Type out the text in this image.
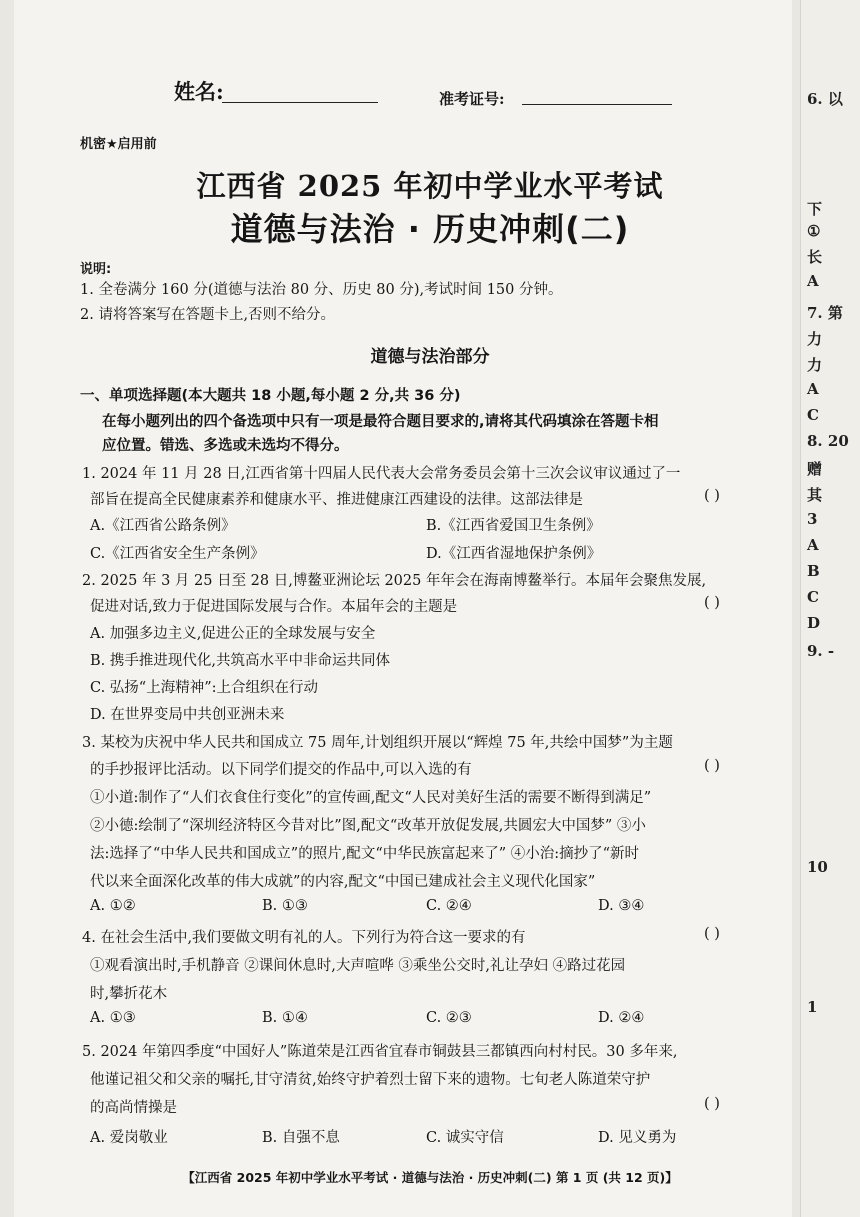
姓名:	准考证号:
机密★启用前
江西省 2025 年初中学业水平考试
道德与法治 · 历史冲刺(二)
说明:
1. 全卷满分 160 分(道德与法治 80 分、历史 80 分),考试时间 150 分钟。
2. 请将答案写在答题卡上,否则不给分。
道德与法治部分
一、单项选择题(本大题共 18 小题,每小题 2 分,共 36 分)
在每小题列出的四个备选项中只有一项是最符合题目要求的,请将其代码填涂在答题卡相
应位置。错选、多选或未选均不得分。
1. 2024 年 11 月 28 日,江西省第十四届人民代表大会常务委员会第十三次会议审议通过了一
部旨在提高全民健康素养和健康水平、推进健康江西建设的法律。这部法律是	( )
A.《江西省公路条例》	B.《江西省爱国卫生条例》
C.《江西省安全生产条例》	D.《江西省湿地保护条例》
2. 2025 年 3 月 25 日至 28 日,博鳌亚洲论坛 2025 年年会在海南博鳌举行。本届年会聚焦发展,
促进对话,致力于促进国际发展与合作。本届年会的主题是	( )
A. 加强多边主义,促进公正的全球发展与安全
B. 携手推进现代化,共筑高水平中非命运共同体
C. 弘扬“上海精神”:上合组织在行动
D. 在世界变局中共创亚洲未来
3. 某校为庆祝中华人民共和国成立 75 周年,计划组织开展以“辉煌 75 年,共绘中国梦”为主题
的手抄报评比活动。以下同学们提交的作品中,可以入选的有	( )
①小道:制作了“人们衣食住行变化”的宣传画,配文“人民对美好生活的需要不断得到满足”
②小德:绘制了“深圳经济特区今昔对比”图,配文“改革开放促发展,共圆宏大中国梦” ③小
法:选择了“中华人民共和国成立”的照片,配文“中华民族富起来了” ④小治:摘抄了“新时
代以来全面深化改革的伟大成就”的内容,配文“中国已建成社会主义现代化国家”
A. ①②	B. ①③	C. ②④	D. ③④
4. 在社会生活中,我们要做文明有礼的人。下列行为符合这一要求的有	( )
①观看演出时,手机静音 ②课间休息时,大声喧哗 ③乘坐公交时,礼让孕妇 ④路过花园
时,攀折花木
A. ①③	B. ①④	C. ②③	D. ②④
5. 2024 年第四季度“中国好人”陈道荣是江西省宜春市铜鼓县三都镇西向村村民。30 多年来,
他谨记祖父和父亲的嘱托,甘守清贫,始终守护着烈士留下来的遗物。七旬老人陈道荣守护
的高尚情操是	( )
A. 爱岗敬业	B. 自强不息	C. 诚实守信	D. 见义勇为
【江西省 2025 年初中学业水平考试 · 道德与法治 · 历史冲刺(二) 第 1 页 (共 12 页)】
6. 以
下
①
长
A
7. 第
力
力
A
C
8. 20
赠
其
3
A
B
C
D
9. -
10
1
